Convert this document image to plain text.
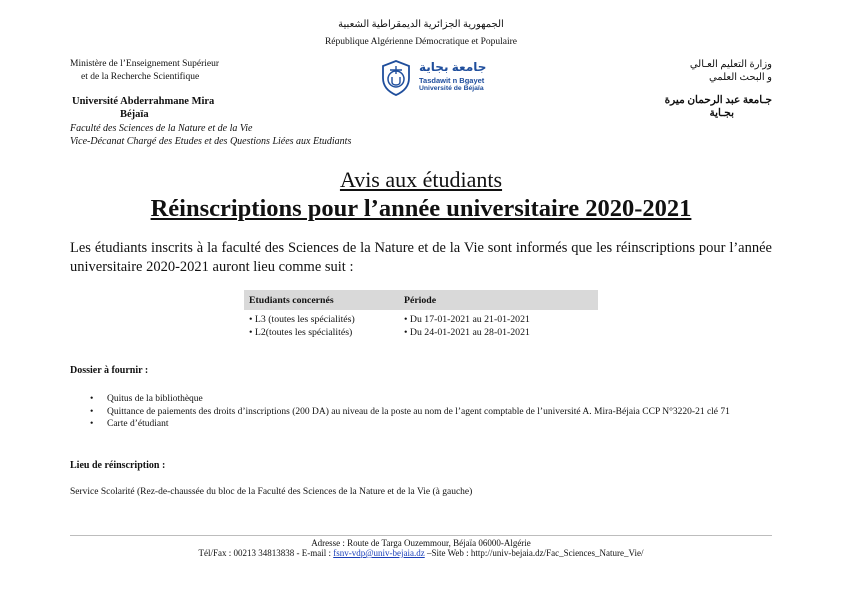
الجمهورية الجزائرية الديمقراطية الشعبية
République Algérienne Démocratique et Populaire
Ministère de l’Enseignement Supérieur
et de la Recherche Scientifique
وزارة التعليم العـالي
و البحث العلمي
جامعة بجاية
Tasdawit n Bgayet
Université de Béjaïa
Université Abderrahmane Mira
Béjaïa
جـامعة عبد الرحمان ميرة
بجـاية
Faculté des Sciences de la Nature et de la Vie
Vice-Décanat Chargé des Etudes et des Questions Liées aux Etudiants
Avis aux étudiants
Réinscriptions pour l’année universitaire 2020-2021
Les étudiants inscrits à la faculté des Sciences de la Nature et de la Vie sont informés que les réinscriptions pour l’année universitaire 2020-2021 auront lieu comme suit :
Etudiants concernés	Période
• L3 (toutes les spécialités)	• Du 17-01-2021 au 21-01-2021
• L2(toutes les spécialités)	• Du 24-01-2021 au 28-01-2021
Dossier à fournir :
• Quitus de la bibliothèque
• Quittance de paiements des droits d’inscriptions (200 DA) au niveau de la poste au nom de l’agent comptable de l’université A. Mira-Béjaia CCP N°3220-21 clé 71
• Carte d’étudiant
Lieu de réinscription :
Service Scolarité (Rez-de-chaussée du bloc de la Faculté des Sciences de la Nature et de la Vie (à gauche)
Adresse : Route de Targa Ouzemmour, Béjaïa 06000-Algérie
Tél/Fax : 00213 34813838 - E-mail : fsnv-vdp@univ-bejaia.dz –Site Web : http://univ-bejaia.dz/Fac_Sciences_Nature_Vie/
